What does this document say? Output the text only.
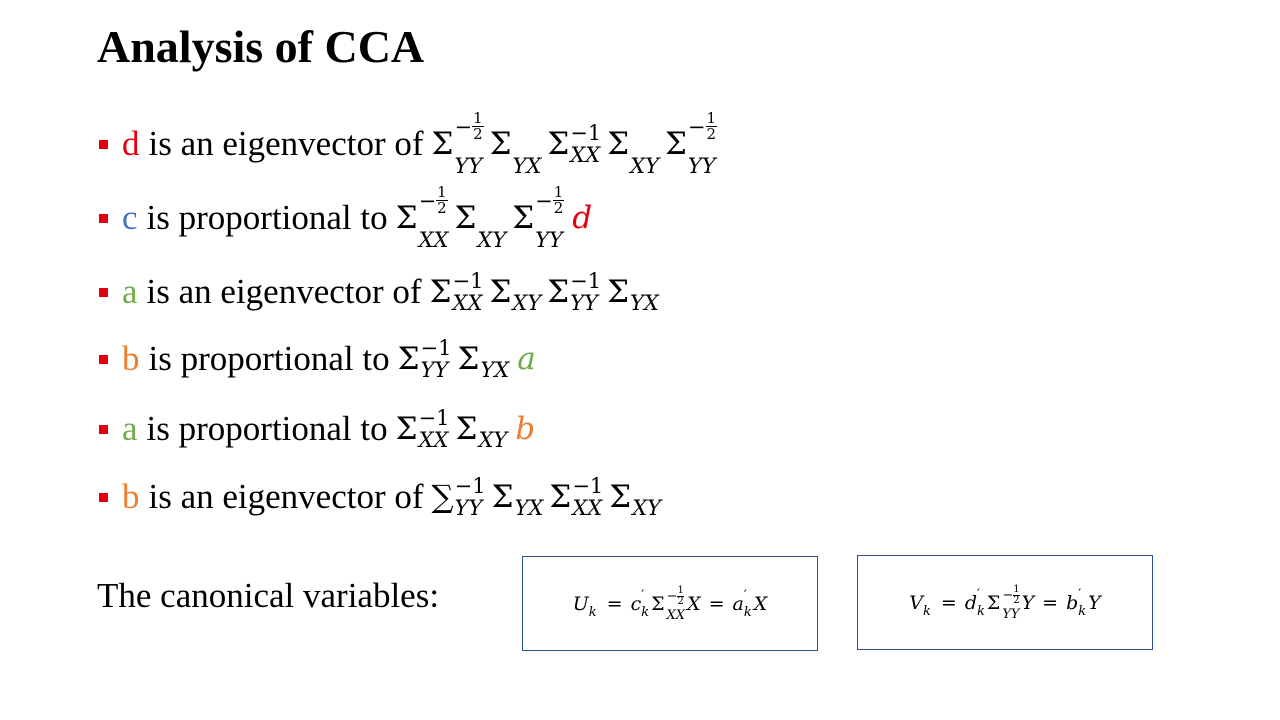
Analysis of CCA
d is an eigenvector of $\Sigma - \frac{1}{2}$
YY
Σ
YX
Σ −1
XX Σ
XY
$\Sigma - \frac{1}{2}$
YY
c is proportional to $\Sigma - \frac{1}{2}$
XX
Σ
XY
$\Sigma - \frac{1}{2}$
YY
d
a is an eigenvector of Σ −1
XX Σ XY Σ −1
YY Σ YX
b is proportional to Σ −1
YY Σ YX a
a is proportional to Σ −1
XX Σ XY b
b is an eigenvector of ∑ −1
YY Σ YX Σ −1
XX Σ XY
The canonical variables:	U k = c ′
k $\Sigma - \frac{1}{2}$
XX
X = a ′
k X	V k = d ′
k $\Sigma - \frac{1}{2}$
YY
Y = b ′
k Y
